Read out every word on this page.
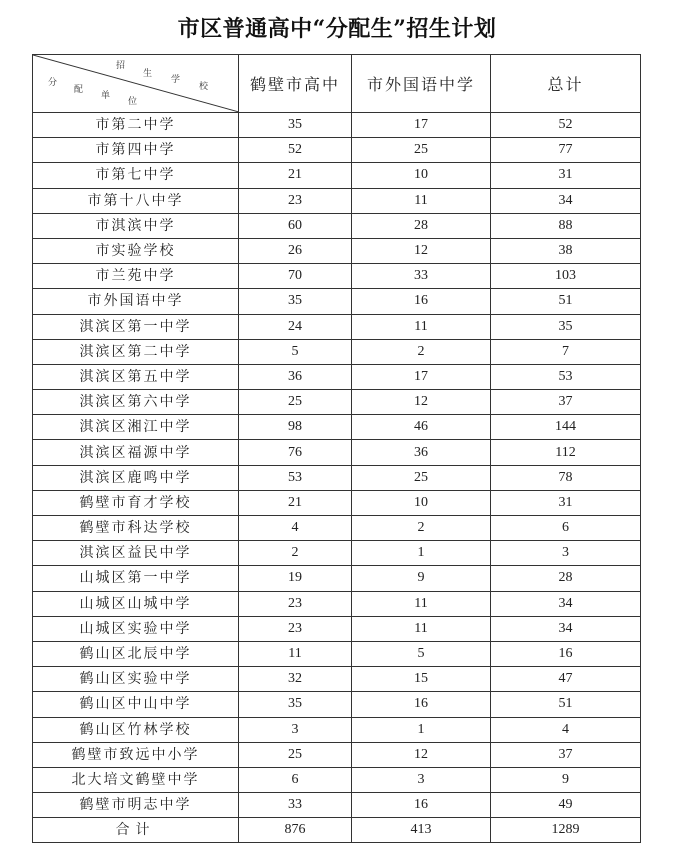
市区普通高中“分配生”招生计划
招
生
学
校
分
配
单
位
	鹤壁市高中	市外国语中学	总计
市第二中学	35	17	52
市第四中学	52	25	77
市第七中学	21	10	31
市第十八中学	23	11	34
市淇滨中学	60	28	88
市实验学校	26	12	38
市兰苑中学	70	33	103
市外国语中学	35	16	51
淇滨区第一中学	24	11	35
淇滨区第二中学	5	2	7
淇滨区第五中学	36	17	53
淇滨区第六中学	25	12	37
淇滨区湘江中学	98	46	144
淇滨区福源中学	76	36	112
淇滨区鹿鸣中学	53	25	78
鹤壁市育才学校	21	10	31
鹤壁市科达学校	4	2	6
淇滨区益民中学	2	1	3
山城区第一中学	19	9	28
山城区山城中学	23	11	34
山城区实验中学	23	11	34
鹤山区北辰中学	11	5	16
鹤山区实验中学	32	15	47
鹤山区中山中学	35	16	51
鹤山区竹林学校	3	1	4
鹤壁市致远中小学	25	12	37
北大培文鹤壁中学	6	3	9
鹤壁市明志中学	33	16	49
合计	876	413	1289
